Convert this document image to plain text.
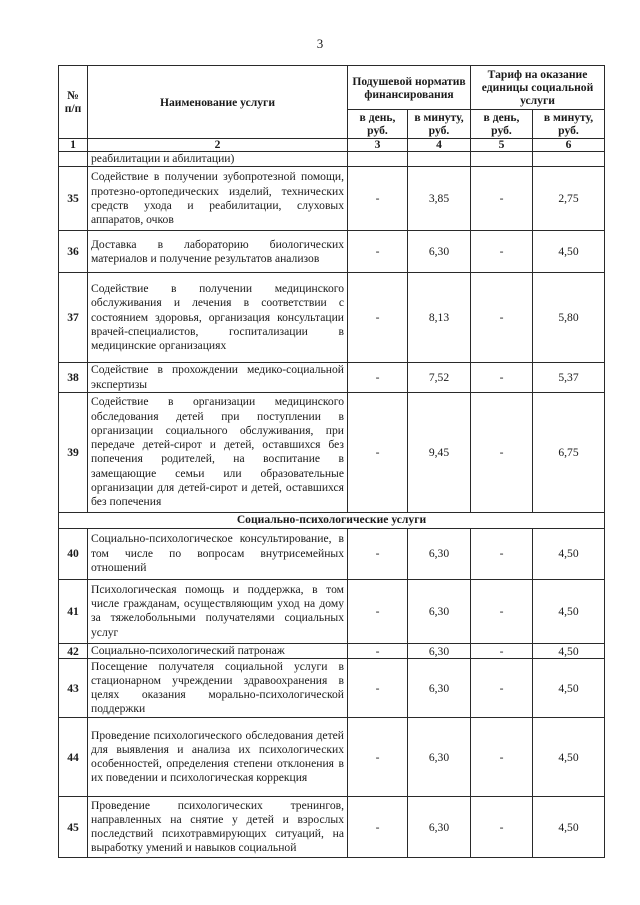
3
№ п/п	Наименование услуги	Подушевой норматив финансирования		Тариф на оказание единицы социальной услуги	
		в день, руб.	в минуту, руб.	в день, руб.	в минуту, руб.
1	2	3	4	5	6
	реабилитации и абилитации)				
35	Содействие в получении зубопротезной помощи, протезно-ортопедических изделий, технических средств ухода и реабилитации, слуховых аппаратов, очков	-	3,85	-	2,75
36	Доставка в лабораторию биологических материалов и получение результатов анализов	-	6,30	-	4,50
37	Содействие в получении медицинского обслуживания и лечения в соответствии с состоянием здоровья, организация консультации врачей-специалистов, госпитализации в медицинские организациях	-	8,13	-	5,80
38	Содействие в прохождении медико-социальной экспертизы	-	7,52	-	5,37
39	Содействие в организации медицинского обследования детей при поступлении в организации социального обслуживания, при передаче детей-сирот и детей, оставшихся без попечения родителей, на воспитание в замещающие семьи или образовательные организации для детей-сирот и детей, оставшихся без попечения	-	9,45	-	6,75
Социально-психологические услуги					
40	Социально-психологическое консультирование, в том числе по вопросам внутрисемейных отношений	-	6,30	-	4,50
41	Психологическая помощь и поддержка, в том числе гражданам, осуществляющим уход на дому за тяжелобольными получателями социальных услуг	-	6,30	-	4,50
42	Социально-психологический патронаж	-	6,30	-	4,50
43	Посещение получателя социальной услуги в стационарном учреждении здравоохранения в целях оказания морально-психологической поддержки	-	6,30	-	4,50
44	Проведение психологического обследования детей для выявления и анализа их психологических особенностей, определения степени отклонения в их поведении и психологическая коррекция	-	6,30	-	4,50
45	Проведение психологических тренингов, направленных на снятие у детей и взрослых последствий психотравмирующих ситуаций, на выработку умений и навыков социальной	-	6,30	-	4,50
